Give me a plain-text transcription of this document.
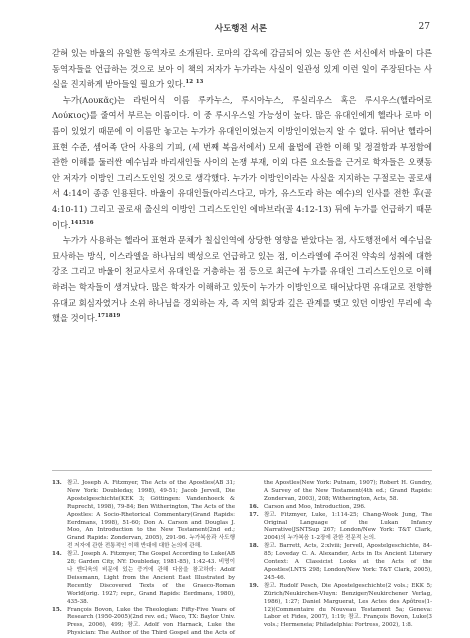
사도행전 서론	27

갇혀 있는 바울의 유일한 동역자로 소개된다. 로마의 감옥에 감금되어 있는 동안 쓴 서신에서 바울이 다른 동역자들을 언급하는 것으로 보아 이 책의 저자가 누가라는 사실이 일관성 있게 이런 일이 주장된다는 사실을 진지하게 받아들일 필요가 있다.$^{12}$ $^{13}$

누가(Λουκᾶς)는 라틴어식 이름 루카누스, 루시아누스, 루실리우스 혹은 루시우스(헬라어로 Λούκιος)를 줄여서 부르는 이름이다. 이 중 루시우스일 가능성이 높다. 많은 유대인에게 헬라나 로마 이름이 있었기 때문에 이 이름만 놓고는 누가가 유대인이었는지 이방인이었는지 알 수 없다. 뒤어난 헬라어 표현 수준, 셈어족 단어 사용의 기피, (세 번째 복음서에서) 모세 율법에 관한 이해 및 정결함과 부정함에 관한 이해를 둘러싼 예수님과 바리새인들 사이의 논쟁 부재, 이외 다른 요소들을 근거로 학자들은 오랫동안 저자가 이방인 그리스도인일 것으로 생각했다. 누가가 이방인이라는 사실을 지지하는 구절로는 골로새서 4:14이 종종 인용된다. 바울이 유대인들(아리스다고, 마가, 유스도라 하는 예수)의 인사를 전한 후(골 4:10-11) 그리고 골로새 출신의 이방인 그리스도인인 에바브라(골 4:12-13) 뒤에 누가를 언급하기 때문이다.$^{141516}$

누가가 사용하는 헬라어 표현과 문체가 칠십인역에 상당한 영향을 받았다는 점, 사도행전에서 예수님을 묘사하는 방식, 이스라엘을 하나님의 백성으로 언급하고 있는 점, 이스라엘에 주어진 약속의 성취에 대한 강조 그리고 바울이 천교사로서 유대인을 거층하는 점 등으로 최근에 누가를 유대인 그리스도인으로 이해하려는 학자들이 생겨났다. 많은 학자가 이해하고 있듯이 누가가 이방인으로 태어났다면 유대교로 전향한 유대교 회심자였거나 소위 하나님을 경외하는 자, 즉 지역 회당과 깊은 관계를 맺고 있던 이방인 무리에 속했을 것이다.$^{171819}$

13. 참고. Joseph A. Fitzmyer, The Acts of the Apostles(AB 31; New York: Doubleday, 1998), 49-51; Jacob Jervell, Die Apostelgeschichte(KEK 3; Göttingen: Vandenhoeck & Ruprecht, 1998), 79-84; Ben Witherington, The Acts of the Apostles: A Socio-Rhetorical Commentary(Grand Rapids: Eerdmans, 1998), 51-60; Don A. Carson and Douglas J. Moo, An Introduction to the New Testament(2nd ed.; Grand Rapids: Zondervan, 2005), 291-96. 누가복음과 사도행전 저자에 관한 전통적인 이해 반대에 대한 논의에 관해.
14. 참고. Joseph A. Fitzmyer, The Gospel According to Luke(AB 28; Garden City, NY: Doubleday, 1981-85), 1:42-43. 비명이나 엔디욱의 비문에 있는 증거에 관해 다음을 참고하라: Adolf Deissmann, Light from the Ancient East Illustrated by Recently Discovered Texts of the Graeco-Roman World(orig. 1927; repr., Grand Rapids: Eerdmans, 1980), 435-38.
15. François Bovon, Luke the Theologian: Fifty-Five Years of Research (1950-2005)(2nd rev. ed.; Waco, TX: Baylor Univ. Press, 2006), 499; 참고. Adolf von Harnack, Luke the Physician: The Author of the Third Gospel and the Acts of the Apostles(New York: Putnam, 1907); Robert H. Gundry, A Survey of the New Testament(4th ed.; Grand Rapids: Zondervan, 2003), 208; Witherington, Acts, 58.
16. Carson and Moo, Introduction, 296.
17. 참고. Fitzmyer, Luke, 1:114-25; Chang-Wook Jung, The Original Language of the Lukan Infancy Narrative(JSNTSup 267; London/New York: T&T Clark, 2004)의 누가복음 1-2장에 관한 전문적 논의.
18. 참고. Barrett, Acts, 2:xlviii; Jervell, Apostelgeschichte, 84-85; Loveday C. A. Alexander, Acts in Its Ancient Literary Context: A Classicist Looks at the Acts of the Apostles(LNTS 298; London/New York: T&T Clark, 2005), 245-46.
19. 참고. Rudolf Pesch, Die Apostelgeschichte(2 vols.; EKK 5; Zürich/Neukirchen-Vluyn: Benziger/Neukirchener Verlag, 1986), 1:27; Daniel Marguerat, Les Actes des Apôtres(1-12)(Commentaire du Nouveau Testament 5a; Geneva: Labor et Fides, 2007), 1:19; 참고. François Bovon, Luke(3 vols.; Hermeneia; Philadelphia: Fortress, 2002), 1:8.
